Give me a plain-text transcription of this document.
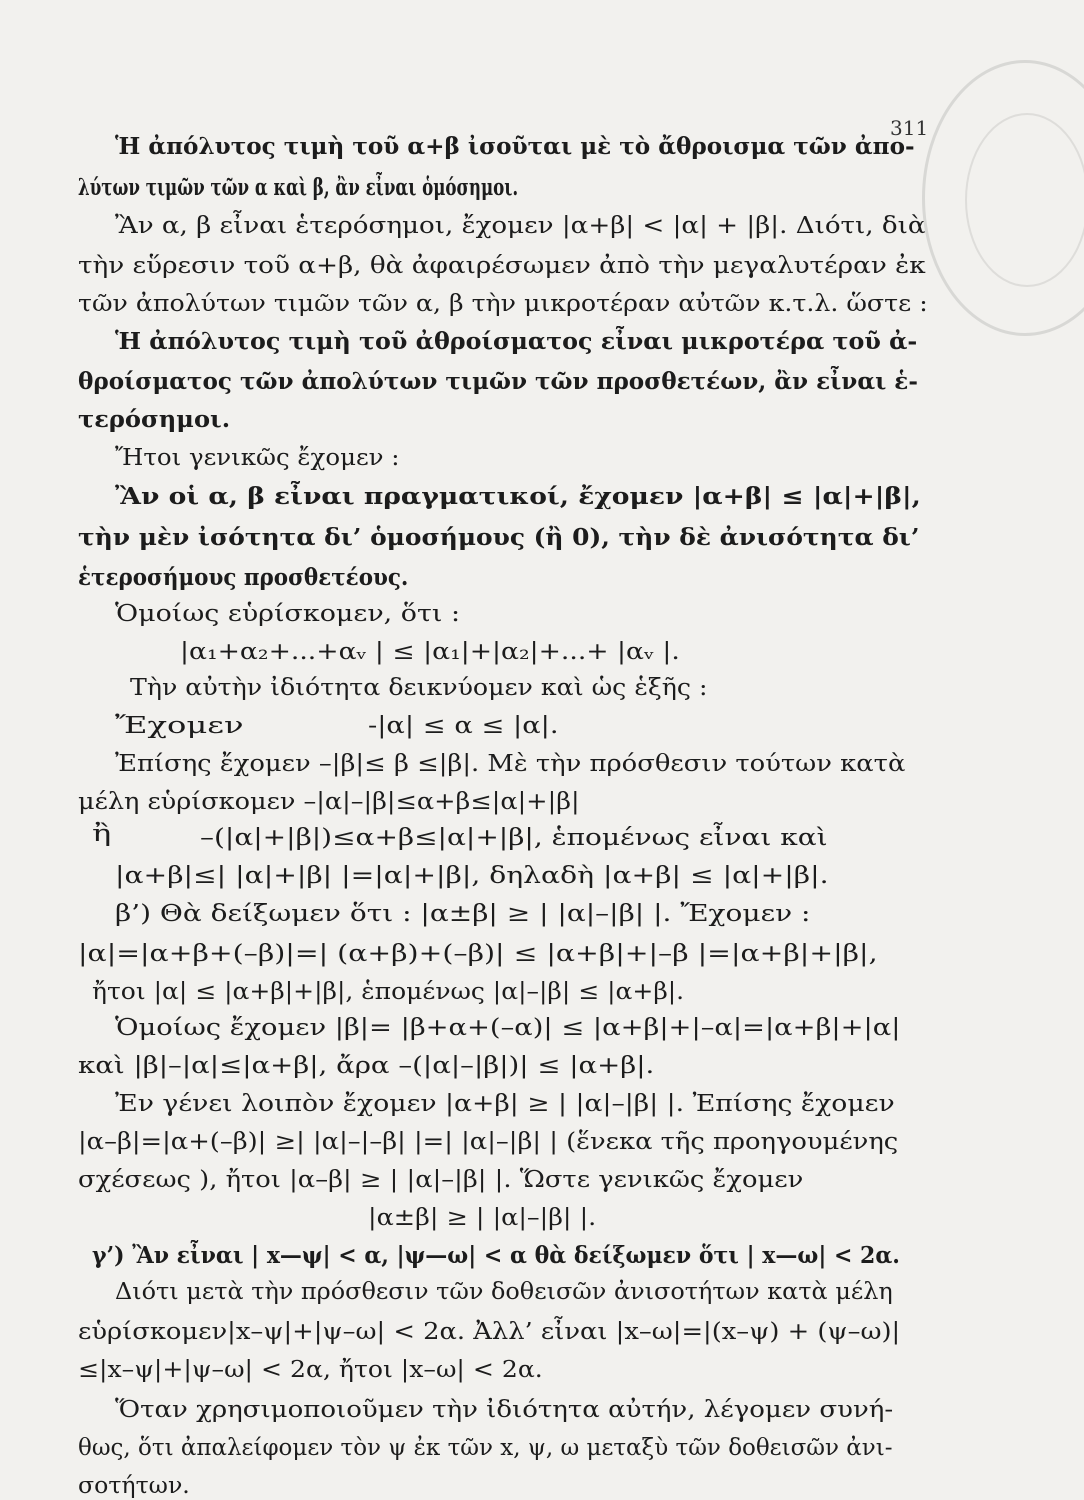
311
Ἡ ἀπόλυτος τιμὴ τοῦ α+β ἰσοῦται μὲ τὸ ἄθροισμα τῶν ἀπο-
λύτων τιμῶν τῶν α καὶ β, ἂν εἶναι ὁμόσημοι.
Ἂν α, β εἶναι ἑτερόσημοι, ἔχομεν |α+β| < |α| + |β|. Διότι, διὰ
τὴν εὕρεσιν τοῦ α+β, θὰ ἀφαιρέσωμεν ἀπὸ τὴν μεγαλυτέραν ἐκ
τῶν ἀπολύτων τιμῶν τῶν α, β τὴν μικροτέραν αὐτῶν κ.τ.λ. ὥστε :
Ἡ ἀπόλυτος τιμὴ τοῦ ἀθροίσματος εἶναι μικροτέρα τοῦ ἀ-
θροίσματος τῶν ἀπολύτων τιμῶν τῶν προσθετέων, ἂν εἶναι ἑ-
τερόσημοι.
Ἤτοι γενικῶς ἔχομεν :
Ἂν οἱ α, β εἶναι πραγματικοί, ἔχομεν |α+β| ≤ |α|+|β|,
τὴν μὲν ἰσότητα δι’ ὁμοσήμους (ἢ 0), τὴν δὲ ἀνισότητα δι’
ἑτεροσήμους προσθετέους.
Ὁμοίως εὑρίσκομεν, ὅτι :
|α₁+α₂+...+αᵥ | ≤ |α₁|+|α₂|+...+ |αᵥ |.
Τὴν αὐτὴν ἰδιότητα δεικνύομεν καὶ ὡς ἑξῆς :
Ἔχομεν	-|α| ≤ α ≤ |α|.
Ἐπίσης ἔχομεν –|β|≤ β ≤|β|. Μὲ τὴν πρόσθεσιν τούτων κατὰ
μέλη εὑρίσκομεν –|α|–|β|≤α+β≤|α|+|β|
ἢ	–(|α|+|β|)≤α+β≤|α|+|β|, ἑπομένως εἶναι καὶ
|α+β|≤| |α|+|β| |=|α|+|β|, δηλαδὴ |α+β| ≤ |α|+|β|.
β’) Θὰ δείξωμεν ὅτι : |α±β| ≥ | |α|–|β| |. Ἔχομεν :
|α|=|α+β+(–β)|=| (α+β)+(–β)| ≤ |α+β|+|–β |=|α+β|+|β|,
ἤτοι |α| ≤ |α+β|+|β|, ἑπομένως |α|–|β| ≤ |α+β|.
Ὁμοίως ἔχομεν |β|= |β+α+(–α)| ≤ |α+β|+|–α|=|α+β|+|α|
καὶ |β|–|α|≤|α+β|, ἄρα –(|α|–|β|)| ≤ |α+β|.
Ἐν γένει λοιπὸν ἔχομεν |α+β| ≥ | |α|–|β| |. Ἐπίσης ἔχομεν
|α–β|=|α+(–β)| ≥| |α|–|–β| |=| |α|–|β| | (ἕνεκα τῆς προηγουμένης
σχέσεως ), ἤτοι |α–β| ≥ | |α|–|β| |. Ὥστε γενικῶς ἔχομεν
|α±β| ≥ | |α|–|β| |.
γ’) Ἂν εἶναι | x—ψ| < α, |ψ—ω| < α θὰ δείξωμεν ὅτι | x—ω| < 2α.
Διότι μετὰ τὴν πρόσθεσιν τῶν δοθεισῶν ἀνισοτήτων κατὰ μέλη
εὑρίσκομεν|x–ψ|+|ψ–ω| < 2α. Ἀλλ’ εἶναι |x–ω|=|(x–ψ) + (ψ–ω)|
≤|x–ψ|+|ψ–ω| < 2α, ἤτοι |x–ω| < 2α.
Ὅταν χρησιμοποιοῦμεν τὴν ἰδιότητα αὐτήν, λέγομεν συνή-
θως, ὅτι ἀπαλείφομεν τὸν ψ ἐκ τῶν x, ψ, ω μεταξὺ τῶν δοθεισῶν ἀνι-
σοτήτων.
